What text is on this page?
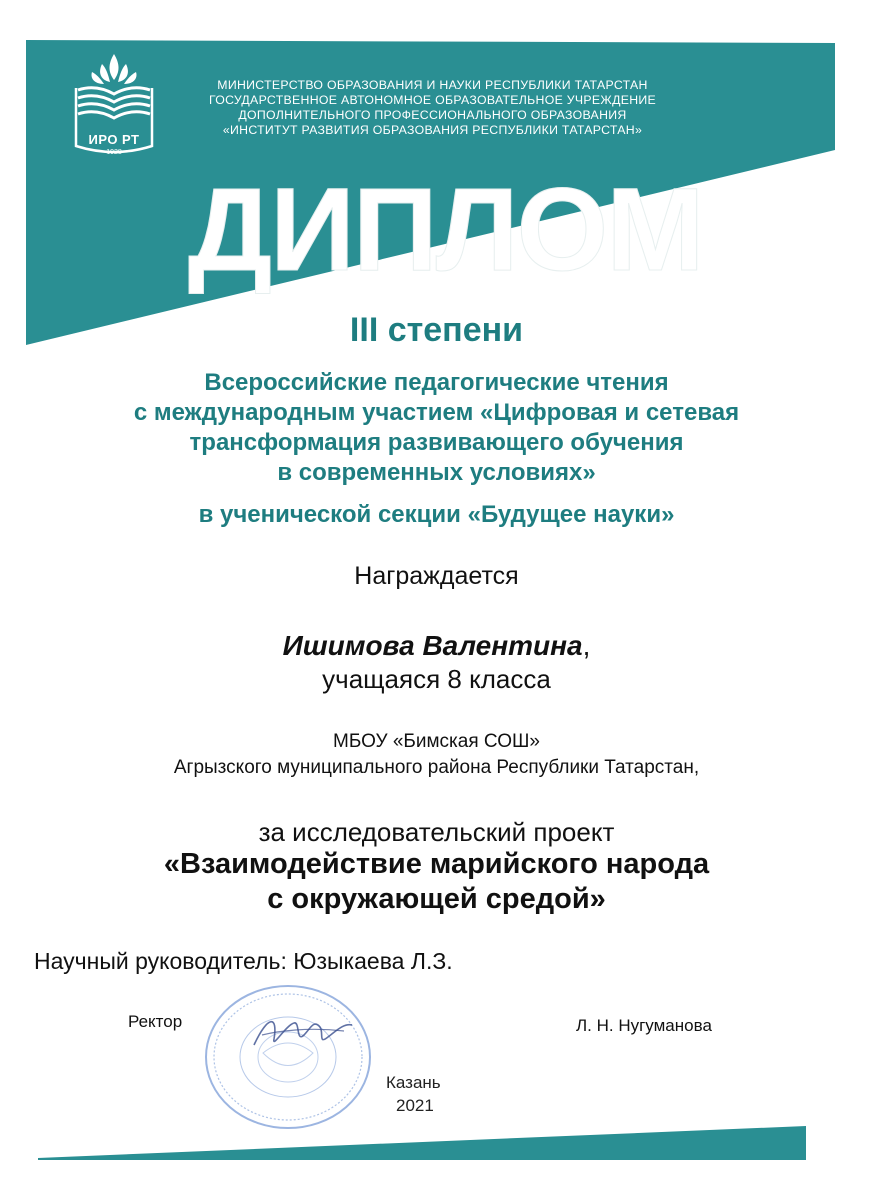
ИРО РТ
1928
МИНИСТЕРСТВО ОБРАЗОВАНИЯ И НАУКИ РЕСПУБЛИКИ ТАТАРСТАН
ГОСУДАРСТВЕННОЕ АВТОНОМНОЕ ОБРАЗОВАТЕЛЬНОЕ УЧРЕЖДЕНИЕ
ДОПОЛНИТЕЛЬНОГО ПРОФЕССИОНАЛЬНОГО ОБРАЗОВАНИЯ
«ИНСТИТУТ РАЗВИТИЯ ОБРАЗОВАНИЯ РЕСПУБЛИКИ ТАТАРСТАН»
ДИПЛОМ
III степени
Всероссийские педагогические чтения
с международным участием «Цифровая и сетевая
трансформация развивающего обучения
в современных условиях»
в ученической секции «Будущее науки»
Награждается
Ишимова Валентина,
учащаяся 8 класса
МБОУ «Бимская СОШ»
Агрызского муниципального района Республики Татарстан,
за исследовательский проект
«Взаимодействие марийского народа
с окружающей средой»
Научный руководитель: Юзыкаева Л.З.
Ректор	Л. Н. Нугуманова
Казань
2021
